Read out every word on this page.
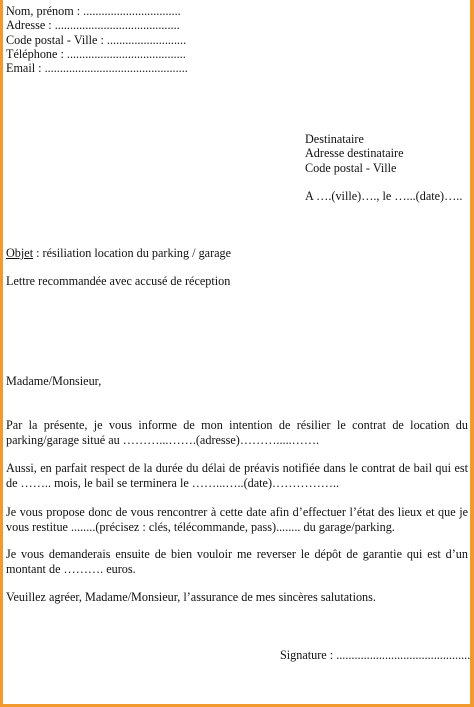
Nom, prénom : ................................
Adresse : .........................................
Code postal - Ville : ..........................
Téléphone : .......................................
Email : ...............................................
Destinataire
Adresse destinataire
Code postal - Ville
A ….(ville)…., le …...(date)…..
Objet : résiliation location du parking / garage
Lettre recommandée avec accusé de réception
Madame/Monsieur,
Par la présente, je vous informe de mon intention de résilier le contrat de location du parking/garage situé au ………...…….(adresse)……….....…….
Aussi, en parfait respect de la durée du délai de préavis notifiée dans le contrat de bail qui est de …….. mois, le bail se terminera le ……...…..(date)……………..
Je vous propose donc de vous rencontrer à cette date afin d’effectuer l’état des lieux et que je vous restitue ........(précisez : clés, télécommande, pass)........ du garage/parking.
Je vous demanderais ensuite de bien vouloir me reverser le dépôt de garantie qui est d’un montant de ………. euros.
Veuillez agréer, Madame/Monsieur, l’assurance de mes sincères salutations.
Signature : ............................................
